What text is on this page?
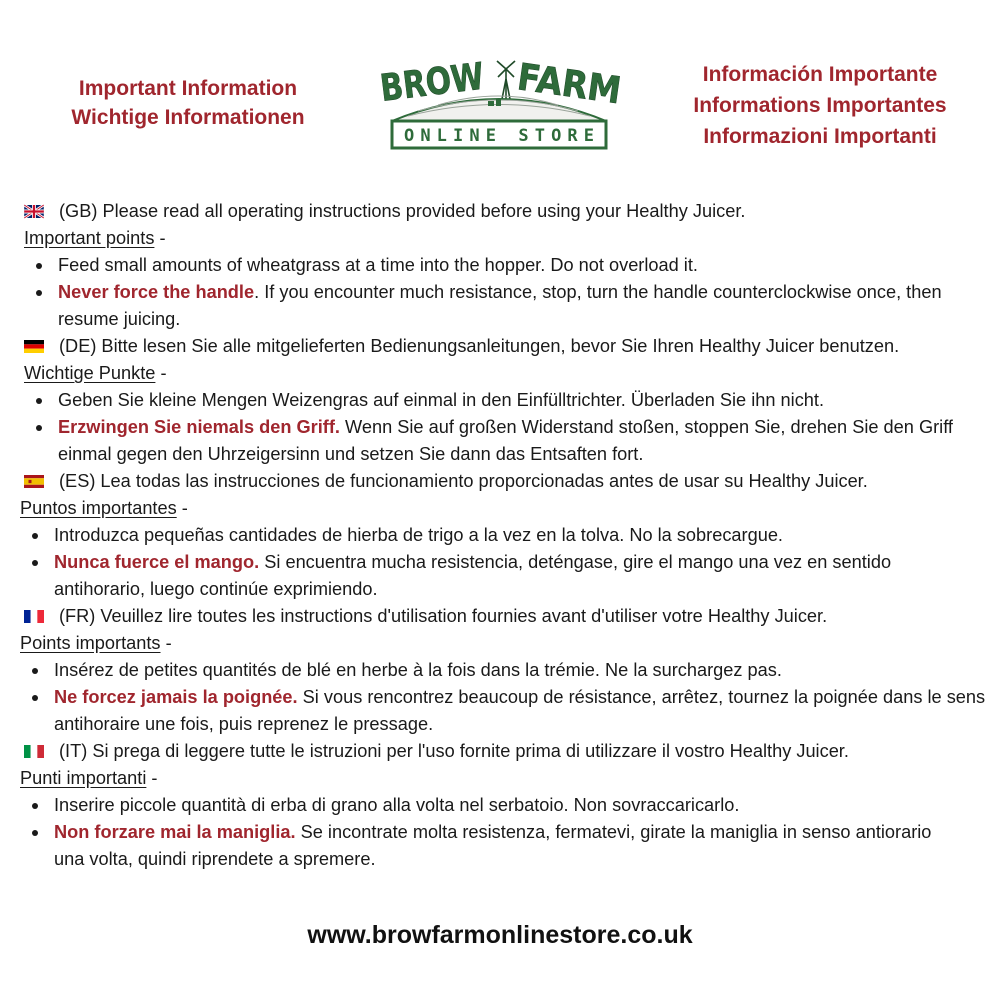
Important Information
Wichtige Informationen
BROW FARM
ONLINE STORE
Información Importante
Informations Importantes
Informazioni Importanti
(GB) Please read all operating instructions provided before using your Healthy Juicer.
Important points -
Feed small amounts of wheatgrass at a time into the hopper. Do not overload it.
Never force the handle. If you encounter much resistance, stop, turn the handle counterclockwise once, then resume juicing.
(DE) Bitte lesen Sie alle mitgelieferten Bedienungsanleitungen, bevor Sie Ihren Healthy Juicer benutzen.
Wichtige Punkte -
Geben Sie kleine Mengen Weizengras auf einmal in den Einfülltrichter. Überladen Sie ihn nicht.
Erzwingen Sie niemals den Griff. Wenn Sie auf großen Widerstand stoßen, stoppen Sie, drehen Sie den Griff einmal gegen den Uhrzeigersinn und setzen Sie dann das Entsaften fort.
(ES) Lea todas las instrucciones de funcionamiento proporcionadas antes de usar su Healthy Juicer.
Puntos importantes -
Introduzca pequeñas cantidades de hierba de trigo a la vez en la tolva. No la sobrecargue.
Nunca fuerce el mango. Si encuentra mucha resistencia, deténgase, gire el mango una vez en sentido antihorario, luego continúe exprimiendo.
(FR) Veuillez lire toutes les instructions d'utilisation fournies avant d'utiliser votre Healthy Juicer.
Points importants -
Insérez de petites quantités de blé en herbe à la fois dans la trémie. Ne la surchargez pas.
Ne forcez jamais la poignée. Si vous rencontrez beaucoup de résistance, arrêtez, tournez la poignée dans le sens antihoraire une fois, puis reprenez le pressage.
(IT) Si prega di leggere tutte le istruzioni per l'uso fornite prima di utilizzare il vostro Healthy Juicer.
Punti importanti -
Inserire piccole quantità di erba di grano alla volta nel serbatoio. Non sovraccaricarlo.
Non forzare mai la maniglia. Se incontrate molta resistenza, fermatevi, girate la maniglia in senso antiorario una volta, quindi riprendete a spremere.
www.browfarmonlinestore.co.uk
